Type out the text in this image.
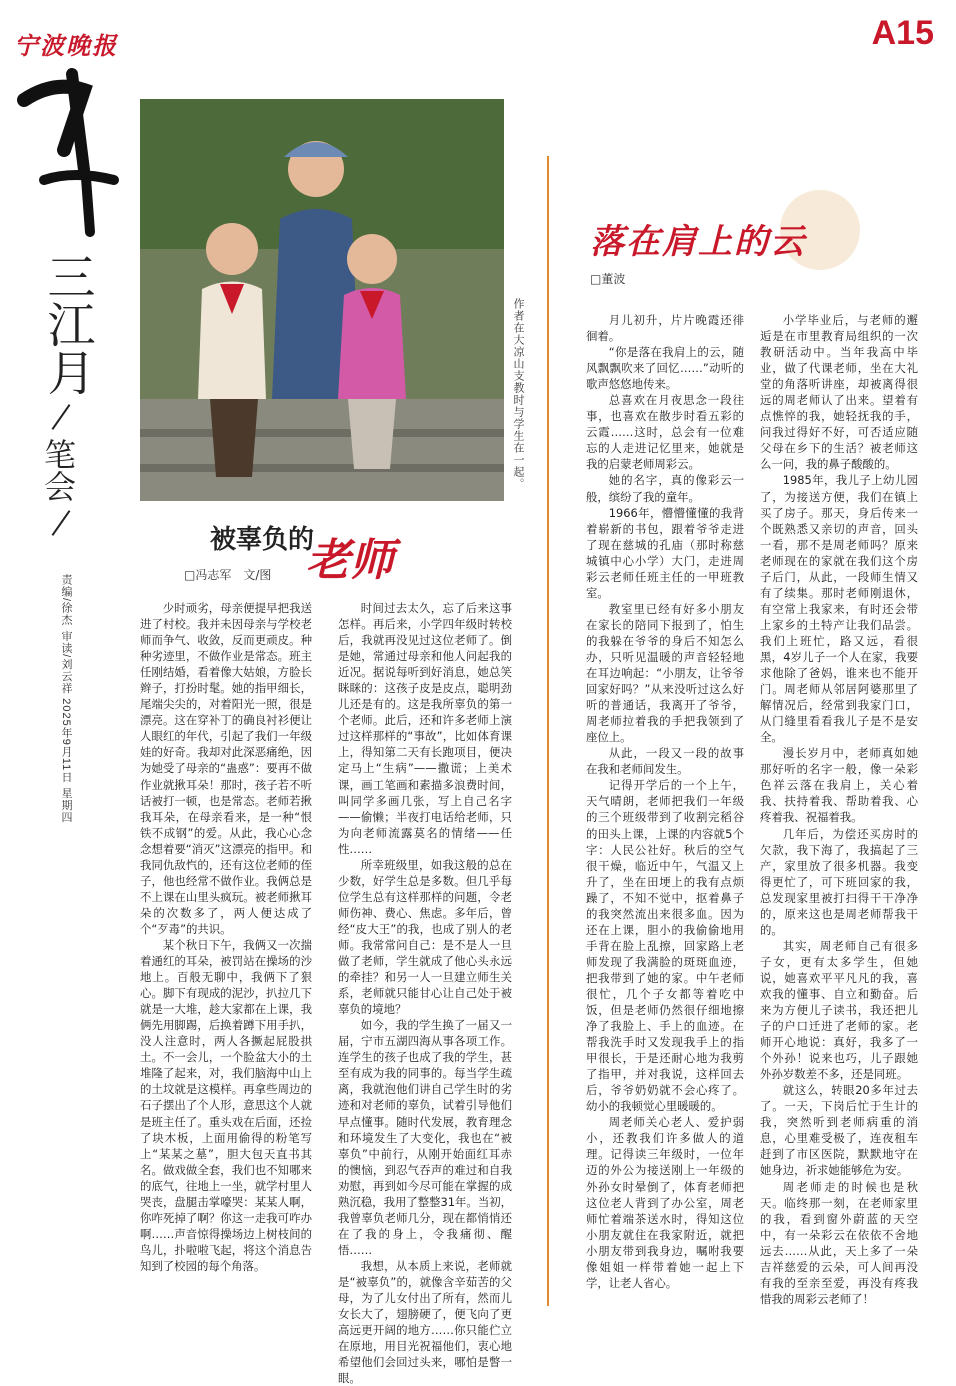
宁波晚报	A15
三江月
笔会
责编/徐杰 审读/刘云祥 2025年9月11日 星期四
作者在大凉山支教时与学生在一起。
被辜负的
老师
□冯志军　文/图

少时顽劣，母亲便提早把我送进了村校。我并未因母亲与学校老师而争气、收敛，反而更顽皮。种种劣迹里，不做作业是常态。班主任刚结婚，看着像大姑娘，方脸长辫子，打扮时髦。她的指甲细长，尾端尖尖的，对着阳光一照，很是漂亮。这在穿补丁的确良衬衫便让人眼红的年代，引起了我们一年级娃的好奇。我却对此深恶痛绝，因为她受了母亲的“蛊惑”：要再不做作业就揪耳朵！那时，孩子若不听话被打一顿，也是常态。老师若揪我耳朵，在母亲看来，是一种“恨铁不成钢”的爱。从此，我心心念念想着要“消灭”这漂亮的指甲。和我同仇敌忾的，还有这位老师的侄子，他也经常不做作业。我俩总是不上课在山里头疯玩。被老师揪耳朵的次数多了，两人便达成了个“歹毒”的共识。

某个秋日下午，我俩又一次揣着通红的耳朵，被罚站在操场的沙地上。百般无聊中，我俩下了狠心。脚下有现成的泥沙，扒拉几下就是一大堆，趁大家都在上课，我俩先用脚踢，后换着蹲下用手扒，没人注意时，两人各撅起屁股拱土。不一会儿，一个脸盆大小的土堆隆了起来，对，我们脑海中山上的土坟就是这模样。再拿些周边的石子摆出了个人形，意思这个人就是班主任了。重头戏在后面，还捡了块木板，上面用偷得的粉笔写上“某某之墓”，胆大包天直书其名。做戏做全套，我们也不知哪来的底气，往地上一坐，就学村里人哭丧，盘腿击掌嚎哭：某某人啊，你咋死掉了啊？你这一走我可咋办啊……声音惊得操场边上树枝间的鸟儿，扑啦啦飞起，将这个消息告知到了校园的每个角落。

时间过去太久，忘了后来这事怎样。再后来，小学四年级时转校后，我就再没见过这位老师了。倒是她，常通过母亲和他人问起我的近况。据说每听到好消息，她总笑眯眯的：这孩子皮是皮点，聪明劲儿还是有的。这是我所辜负的第一个老师。此后，还和许多老师上演过这样那样的“事故”，比如体育课上，得知第二天有长跑项目，便决定马上“生病”——撒谎；上美术课，画工笔画和素描多浪费时间，叫同学多画几张，写上自己名字——偷懒；半夜打电话给老师，只为向老师流露莫名的情绪——任性……

所幸班级里，如我这般的总在少数，好学生总是多数。但几乎每位学生总有这样那样的问题，令老师伤神、费心、焦虑。多年后，曾经“皮大王”的我，也成了别人的老师。我常常问自己：是不是人一旦做了老师，学生就成了他心头永远的牵挂？和另一人一旦建立师生关系，老师就只能甘心让自己处于被辜负的境地？

如今，我的学生换了一届又一届，宁市五湖四海从事各项工作。连学生的孩子也成了我的学生，甚至有成为我的同事的。每当学生疏离，我就泡他们讲自己学生时的劣迹和对老师的辜负，试着引导他们早点懂事。随时代发展，教育理念和环境发生了大变化，我也在“被辜负”中前行，从刚开始面红耳赤的懊恼，到忍气吞声的难过和自我劝慰，再到如今尽可能在掌握的成熟沉稳，我用了整整31年。当初，我曾辜负老师几分，现在都悄悄还在了我的身上，令我痛彻、醒悟……

我想，从本质上来说，老师就是“被辜负”的，就像含辛茹苦的父母，为了儿女付出了所有，然而儿女长大了，翅膀硬了，便飞向了更高远更开阔的地方……你只能伫立在原地，用目光祝福他们，衷心地希望他们会回过头来，哪怕是瞥一眼。

落在肩上的云
□董波

月儿初升，片片晚霞还徘徊着。

“你是落在我肩上的云，随风飘飘吹来了回忆……”动听的歌声悠悠地传来。

总喜欢在月夜思念一段往事，也喜欢在散步时看五彩的云霞……这时，总会有一位难忘的人走进记忆里来，她就是我的启蒙老师周彩云。

她的名字，真的像彩云一般，缤纷了我的童年。

1966年，懵懵懂懂的我背着崭新的书包，跟着爷爷走进了现在慈城的孔庙（那时称慈城镇中心小学）大门，走进周彩云老师任班主任的一甲班教室。

教室里已经有好多小朋友在家长的陪同下报到了，怕生的我躲在爷爷的身后不知怎么办，只听见温暖的声音轻轻地在耳边响起：“小朋友，让爷爷回家好吗？”从来没听过这么好听的普通话，我离开了爷爷，周老师拉着我的手把我领到了座位上。

从此，一段又一段的故事在我和老师间发生。

记得开学后的一个上午，天气晴朗，老师把我们一年级的三个班级带到了收割完稻谷的田头上课，上课的内容就5个字：人民公社好。秋后的空气很干燥，临近中午，气温又上升了，坐在田埂上的我有点烦躁了，不知不觉中，抠着鼻子的我突然流出来很多血。因为还在上课，胆小的我偷偷地用手背在脸上乱擦，回家路上老师发现了我满脸的斑斑血迹，把我带到了她的家。中午老师很忙，几个子女都等着吃中饭，但是老师仍然很仔细地擦净了我脸上、手上的血迹。在帮我洗手时又发现我手上的指甲很长，于是还耐心地为我剪了指甲，并对我说，这样回去后，爷爷奶奶就不会心疼了。幼小的我顿觉心里暖暖的。

周老师关心老人、爱护弱小，还教我们许多做人的道理。记得读三年级时，一位年迈的外公为接送刚上一年级的外孙女时晕倒了，体育老师把这位老人背到了办公室，周老师忙着端茶送水时，得知这位小朋友就住在我家附近，就把小朋友带到我身边，嘱咐我要像姐姐一样带着她一起上下学，让老人省心。

小学毕业后，与老师的邂逅是在市里教育局组织的一次教研活动中。当年我高中毕业，做了代课老师，坐在大礼堂的角落听讲座，却被离得很远的周老师认了出来。望着有点憔悴的我，她轻抚我的手，问我过得好不好，可否适应随父母在乡下的生活？被老师这么一问，我的鼻子酸酸的。

1985年，我儿子上幼儿园了，为接送方便，我们在镇上买了房子。那天，身后传来一个既熟悉又亲切的声音，回头一看，那不是周老师吗？原来老师现在的家就在我们这个房子后门，从此，一段师生情又有了续集。那时老师刚退休，有空常上我家来，有时还会带上家乡的土特产让我们品尝。我们上班忙，路又远，看很黑，4岁儿子一个人在家，我要求他除了爸妈，谁来也不能开门。周老师从邻居阿婆那里了解情况后，经常到我家门口，从门缝里看看我儿子是不是安全。

漫长岁月中，老师真如她那好听的名字一般，像一朵彩色祥云落在我肩上，关心着我、扶持着我、帮助着我、心疼着我、祝福着我。

几年后，为偿还买房时的欠款，我下海了，我搞起了三产，家里放了很多机器。我变得更忙了，可下班回家的我，总发现家里被打扫得干干净净的，原来这也是周老师帮我干的。

其实，周老师自己有很多子女，更有太多学生，但她说，她喜欢平平凡凡的我，喜欢我的懂事、自立和勤奋。后来为方便儿子读书，我还把儿子的户口迁进了老师的家。老师开心地说：真好，我多了一个外孙！说来也巧，儿子跟她外孙岁数差不多，还是同班。

就这么，转眼20多年过去了。一天，下岗后忙于生计的我，突然听到老师病重的消息，心里难受极了，连夜租车赶到了市区医院，默默地守在她身边，祈求她能够危为安。

周老师走的时候也是秋天。临终那一刻，在老师家里的我，看到窗外蔚蓝的天空中，有一朵彩云在依依不舍地远去……从此，天上多了一朵吉祥慈爱的云朵，可人间再没有我的至亲至爱，再没有疼我惜我的周彩云老师了！
